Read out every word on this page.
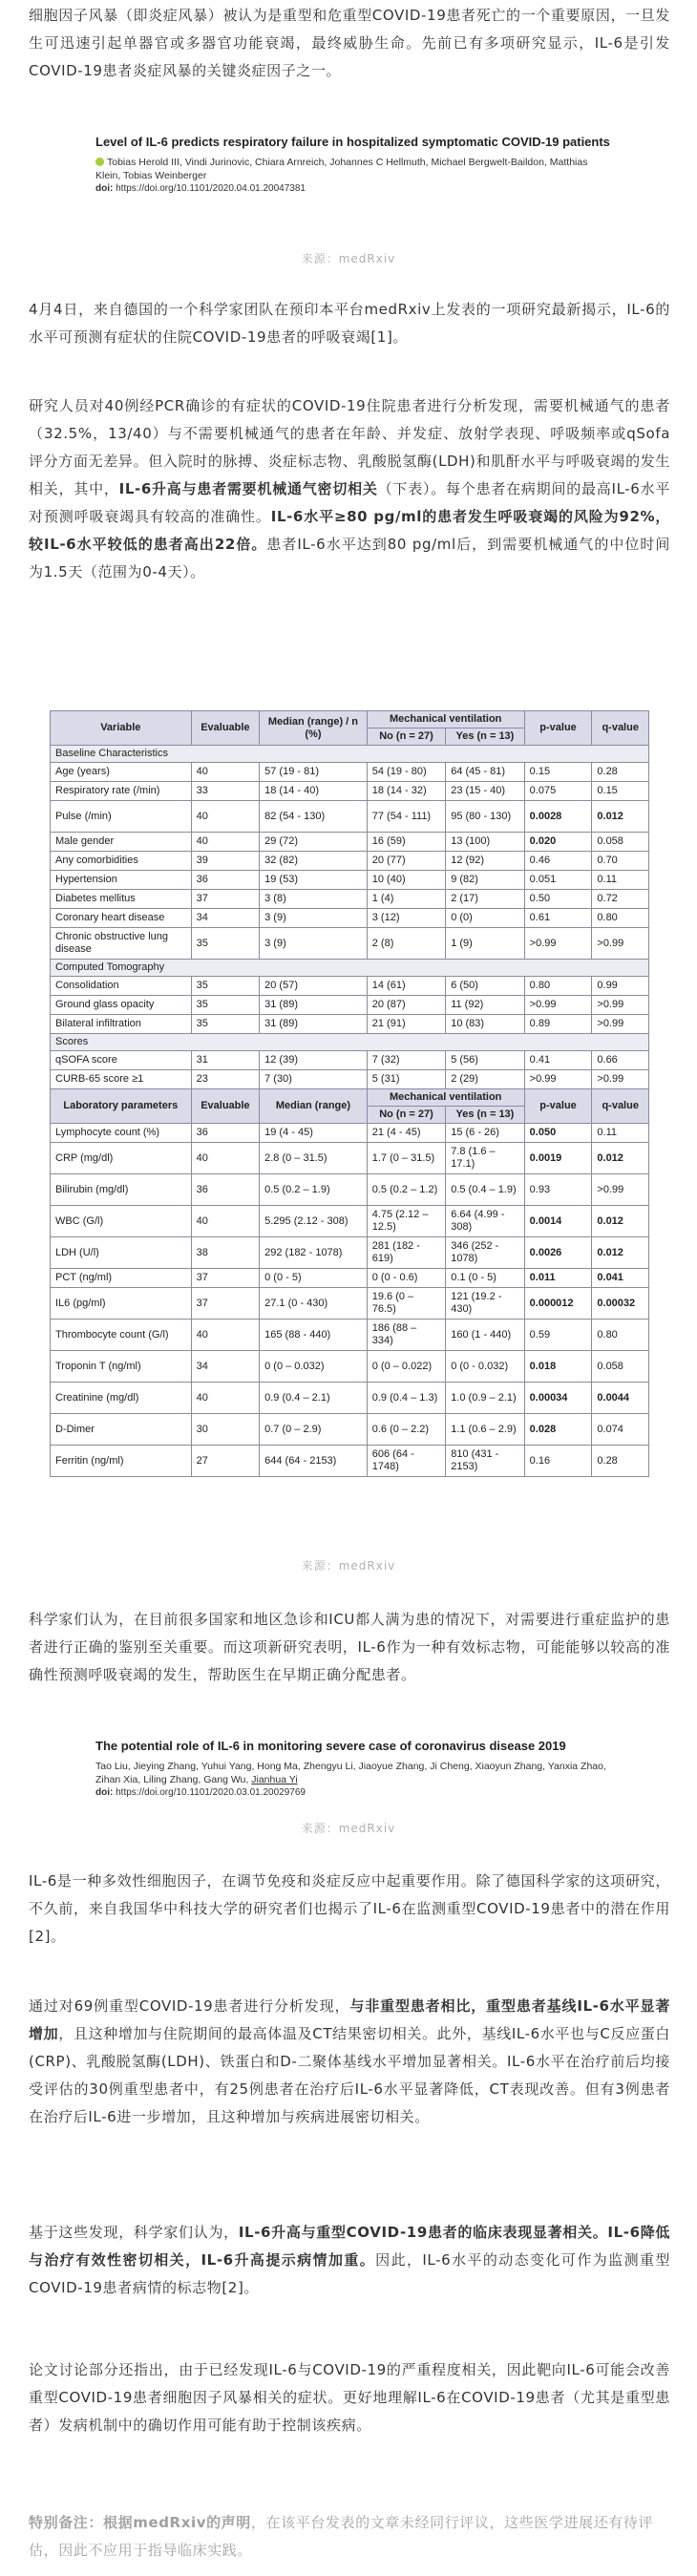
细胞因子风暴（即炎症风暴）被认为是重型和危重型COVID-19患者死亡的一个重要原因，一旦发生可迅速引起单器官或多器官功能衰竭，最终威胁生命。先前已有多项研究显示，IL-6是引发COVID-19患者炎症风暴的关键炎症因子之一。

Level of IL-6 predicts respiratory failure in hospitalized symptomatic COVID-19 patients

Tobias Herold III, Vindi Jurinovic, Chiara Arnreich, Johannes C Hellmuth, Michael Bergwelt-Baildon, Matthias Klein, Tobias Weinberger
doi: https://doi.org/10.1101/2020.04.01.20047381
来源：medRxiv

4月4日，来自德国的一个科学家团队在预印本平台medRxiv上发表的一项研究最新揭示，IL-6的水平可预测有症状的住院COVID-19患者的呼吸衰竭[1]。

研究人员对40例经PCR确诊的有症状的COVID-19住院患者进行分析发现，需要机械通气的患者（32.5%，13/40）与不需要机械通气的患者在年龄、并发症、放射学表现、呼吸频率或qSofa评分方面无差异。但入院时的脉搏、炎症标志物、乳酸脱氢酶(LDH)和肌酐水平与呼吸衰竭的发生相关，其中，IL-6升高与患者需要机械通气密切相关（下表）。每个患者在病期间的最高IL-6水平对预测呼吸衰竭具有较高的准确性。IL-6水平≥80 pg/ml的患者发生呼吸衰竭的风险为92%，较IL-6水平较低的患者高出22倍。患者IL-6水平达到80 pg/ml后，到需要机械通气的中位时间为1.5天（范围为0-4天）。

Variable	Evaluable	Median (range) / n (%)	Mechanical ventilation		p-value	q-value
			No (n = 27)	Yes (n = 13)		
Baseline Characteristics						
Age (years)	40	57 (19 - 81)	54 (19 - 80)	64 (45 - 81)	0.15	0.28
Respiratory rate (/min)	33	18 (14 - 40)	18 (14 - 32)	23 (15 - 40)	0.075	0.15
Pulse (/min)	40	82 (54 - 130)	77 (54 - 111)	95 (80 - 130)	0.0028	0.012
Male gender	40	29 (72)	16 (59)	13 (100)	0.020	0.058
Any comorbidities	39	32 (82)	20 (77)	12 (92)	0.46	0.70
Hypertension	36	19 (53)	10 (40)	9 (82)	0.051	0.11
Diabetes mellitus	37	3 (8)	1 (4)	2 (17)	0.50	0.72
Coronary heart disease	34	3 (9)	3 (12)	0 (0)	0.61	0.80
Chronic obstructive lung disease	35	3 (9)	2 (8)	1 (9)	>0.99	>0.99
Computed Tomography						
Consolidation	35	20 (57)	14 (61)	6 (50)	0.80	0.99
Ground glass opacity	35	31 (89)	20 (87)	11 (92)	>0.99	>0.99
Bilateral infiltration	35	31 (89)	21 (91)	10 (83)	0.89	>0.99
Scores						
qSOFA score	31	12 (39)	7 (32)	5 (56)	0.41	0.66
CURB-65 score ≥1	23	7 (30)	5 (31)	2 (29)	>0.99	>0.99
Laboratory parameters	Evaluable	Median (range)	Mechanical ventilation		p-value	q-value
			No (n = 27)	Yes (n = 13)		
Lymphocyte count (%)	36	19 (4 - 45)	21 (4 - 45)	15 (6 - 26)	0.050	0.11
CRP (mg/dl)	40	2.8 (0 – 31.5)	1.7 (0 – 31.5)	7.8 (1.6 – 17.1)	0.0019	0.012
Bilirubin (mg/dl)	36	0.5 (0.2 – 1.9)	0.5 (0.2 – 1.2)	0.5 (0.4 – 1.9)	0.93	>0.99
WBC (G/l)	40	5.295 (2.12 - 308)	4.75 (2.12 – 12.5)	6.64 (4.99 - 308)	0.0014	0.012
LDH (U/l)	38	292 (182 - 1078)	281 (182 - 619)	346 (252 - 1078)	0.0026	0.012
PCT (ng/ml)	37	0 (0 - 5)	0 (0 - 0.6)	0.1 (0 - 5)	0.011	0.041
IL6 (pg/ml)	37	27.1 (0 - 430)	19.6 (0 – 76.5)	121 (19.2 - 430)	0.000012	0.00032
Thrombocyte count (G/l)	40	165 (88 - 440)	186 (88 – 334)	160 (1 - 440)	0.59	0.80
Troponin T (ng/ml)	34	0 (0 – 0.032)	0 (0 – 0.022)	0 (0 - 0.032)	0.018	0.058
Creatinine (mg/dl)	40	0.9 (0.4 – 2.1)	0.9 (0.4 – 1.3)	1.0 (0.9 – 2.1)	0.00034	0.0044
D-Dimer	30	0.7 (0 – 2.9)	0.6 (0 – 2.2)	1.1 (0.6 – 2.9)	0.028	0.074
Ferritin (ng/ml)	27	644 (64 - 2153)	606 (64 - 1748)	810 (431 - 2153)	0.16	0.28
来源：medRxiv

科学家们认为，在目前很多国家和地区急诊和ICU都人满为患的情况下，对需要进行重症监护的患者进行正确的鉴别至关重要。而这项新研究表明，IL-6作为一种有效标志物，可能能够以较高的准确性预测呼吸衰竭的发生，帮助医生在早期正确分配患者。

The potential role of IL-6 in monitoring severe case of coronavirus disease 2019

Tao Liu, Jieying Zhang, Yuhui Yang, Hong Ma, Zhengyu Li, Jiaoyue Zhang, Ji Cheng, Xiaoyun Zhang, Yanxia Zhao, Zihan Xia, Liling Zhang, Gang Wu, Jianhua Yi
doi: https://doi.org/10.1101/2020.03.01.20029769
来源：medRxiv

IL-6是一种多效性细胞因子，在调节免疫和炎症反应中起重要作用。除了德国科学家的这项研究，不久前，来自我国华中科技大学的研究者们也揭示了IL-6在监测重型COVID-19患者中的潜在作用[2]。

通过对69例重型COVID-19患者进行分析发现，与非重型患者相比，重型患者基线IL-6水平显著增加，且这种增加与住院期间的最高体温及CT结果密切相关。此外，基线IL-6水平也与C反应蛋白(CRP)、乳酸脱氢酶(LDH)、铁蛋白和D-二聚体基线水平增加显著相关。IL-6水平在治疗前后均接受评估的30例重型患者中，有25例患者在治疗后IL-6水平显著降低，CT表现改善。但有3例患者在治疗后IL-6进一步增加，且这种增加与疾病进展密切相关。

基于这些发现，科学家们认为，IL-6升高与重型COVID-19患者的临床表现显著相关。IL-6降低与治疗有效性密切相关，IL-6升高提示病情加重。因此，IL-6水平的动态变化可作为监测重型COVID-19患者病情的标志物[2]。

论文讨论部分还指出，由于已经发现IL-6与COVID-19的严重程度相关，因此靶向IL-6可能会改善重型COVID-19患者细胞因子风暴相关的症状。更好地理解IL-6在COVID-19患者（尤其是重型患者）发病机制中的确切作用可能有助于控制该疾病。

特别备注：根据medRxiv的声明，在该平台发表的文章未经同行评议，这些医学进展还有待评估，因此不应用于指导临床实践。
